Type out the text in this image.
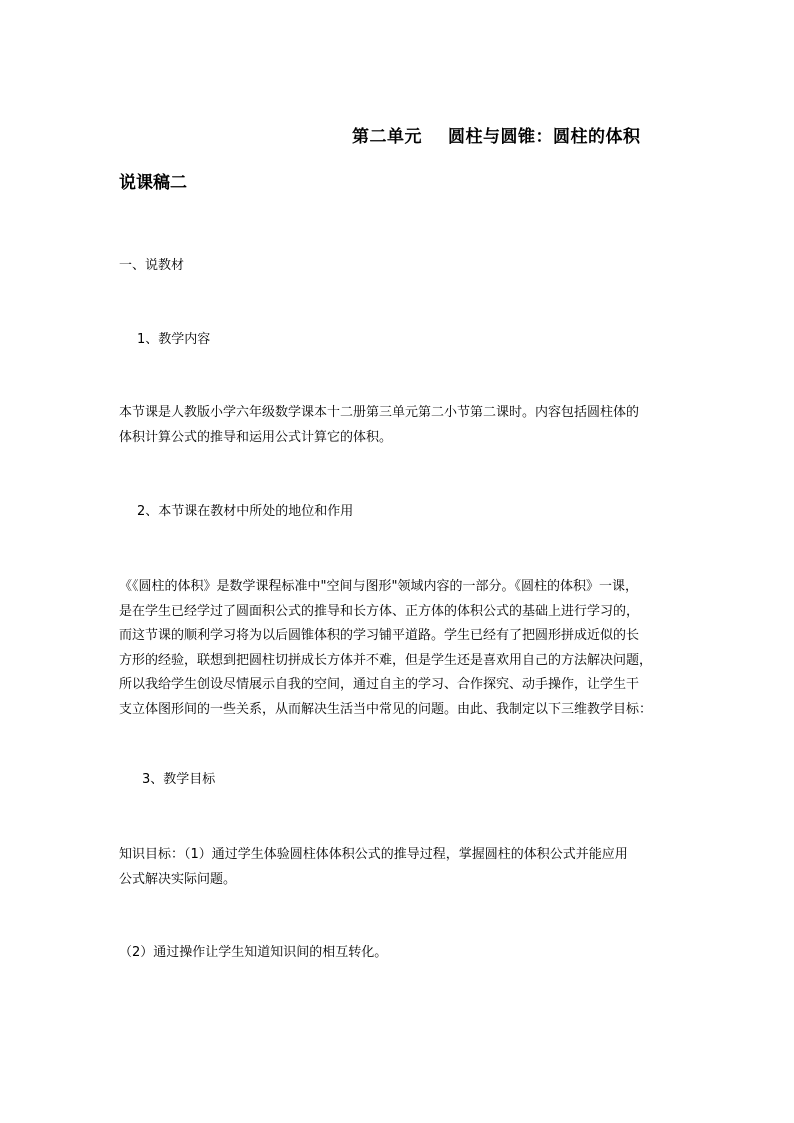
第二单元 圆柱与圆锥：圆柱的体积
说课稿二
一、说教材
1、教学内容
本节课是人教版小学六年级数学课本十二册第三单元第二小节第二课时。内容包括圆柱体的
体积计算公式的推导和运用公式计算它的体积。
2、本节课在教材中所处的地位和作用
《《圆柱的体积》是数学课程标准中"空间与图形"领域内容的一部分。《圆柱的体积》一课，
是在学生已经学过了圆面积公式的推导和长方体、正方体的体积公式的基础上进行学习的，
而这节课的顺利学习将为以后圆锥体积的学习铺平道路。学生已经有了把圆形拼成近似的长
方形的经验，联想到把圆柱切拼成长方体并不难，但是学生还是喜欢用自己的方法解决问题，
所以我给学生创设尽情展示自我的空间，通过自主的学习、合作探究、动手操作，让学生干
支立体图形间的一些关系，从而解决生活当中常见的问题。由此、我制定以下三维教学目标：
3、教学目标
知识目标：（1）通过学生体验圆柱体体积公式的推导过程，掌握圆柱的体积公式并能应用
公式解决实际问题。
（2）通过操作让学生知道知识间的相互转化。
